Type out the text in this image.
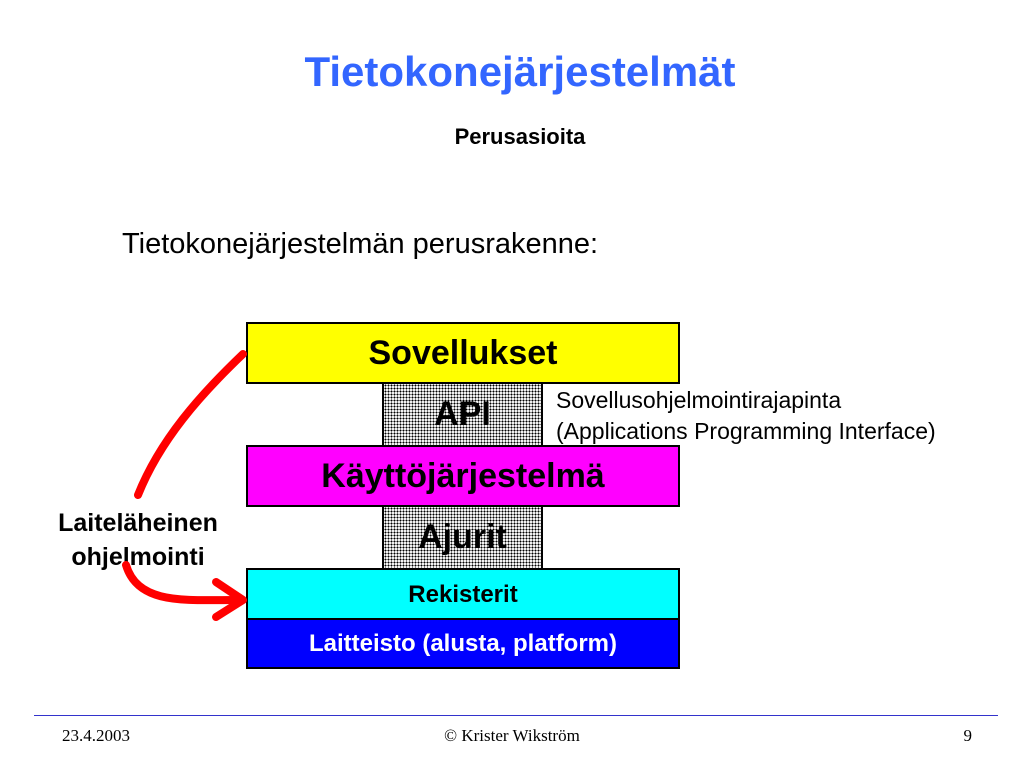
Tietokonejärjestelmät
Perusasioita
Tietokonejärjestelmän perusrakenne:
Sovellukset
API
Käyttöjärjestelmä
Ajurit
Rekisterit
Laitteisto (alusta, platform)
Sovellusohjelmointirajapinta
(Applications Programming Interface)
Laiteläheinen
ohjelmointi
23.4.2003	© Krister Wikström	9
